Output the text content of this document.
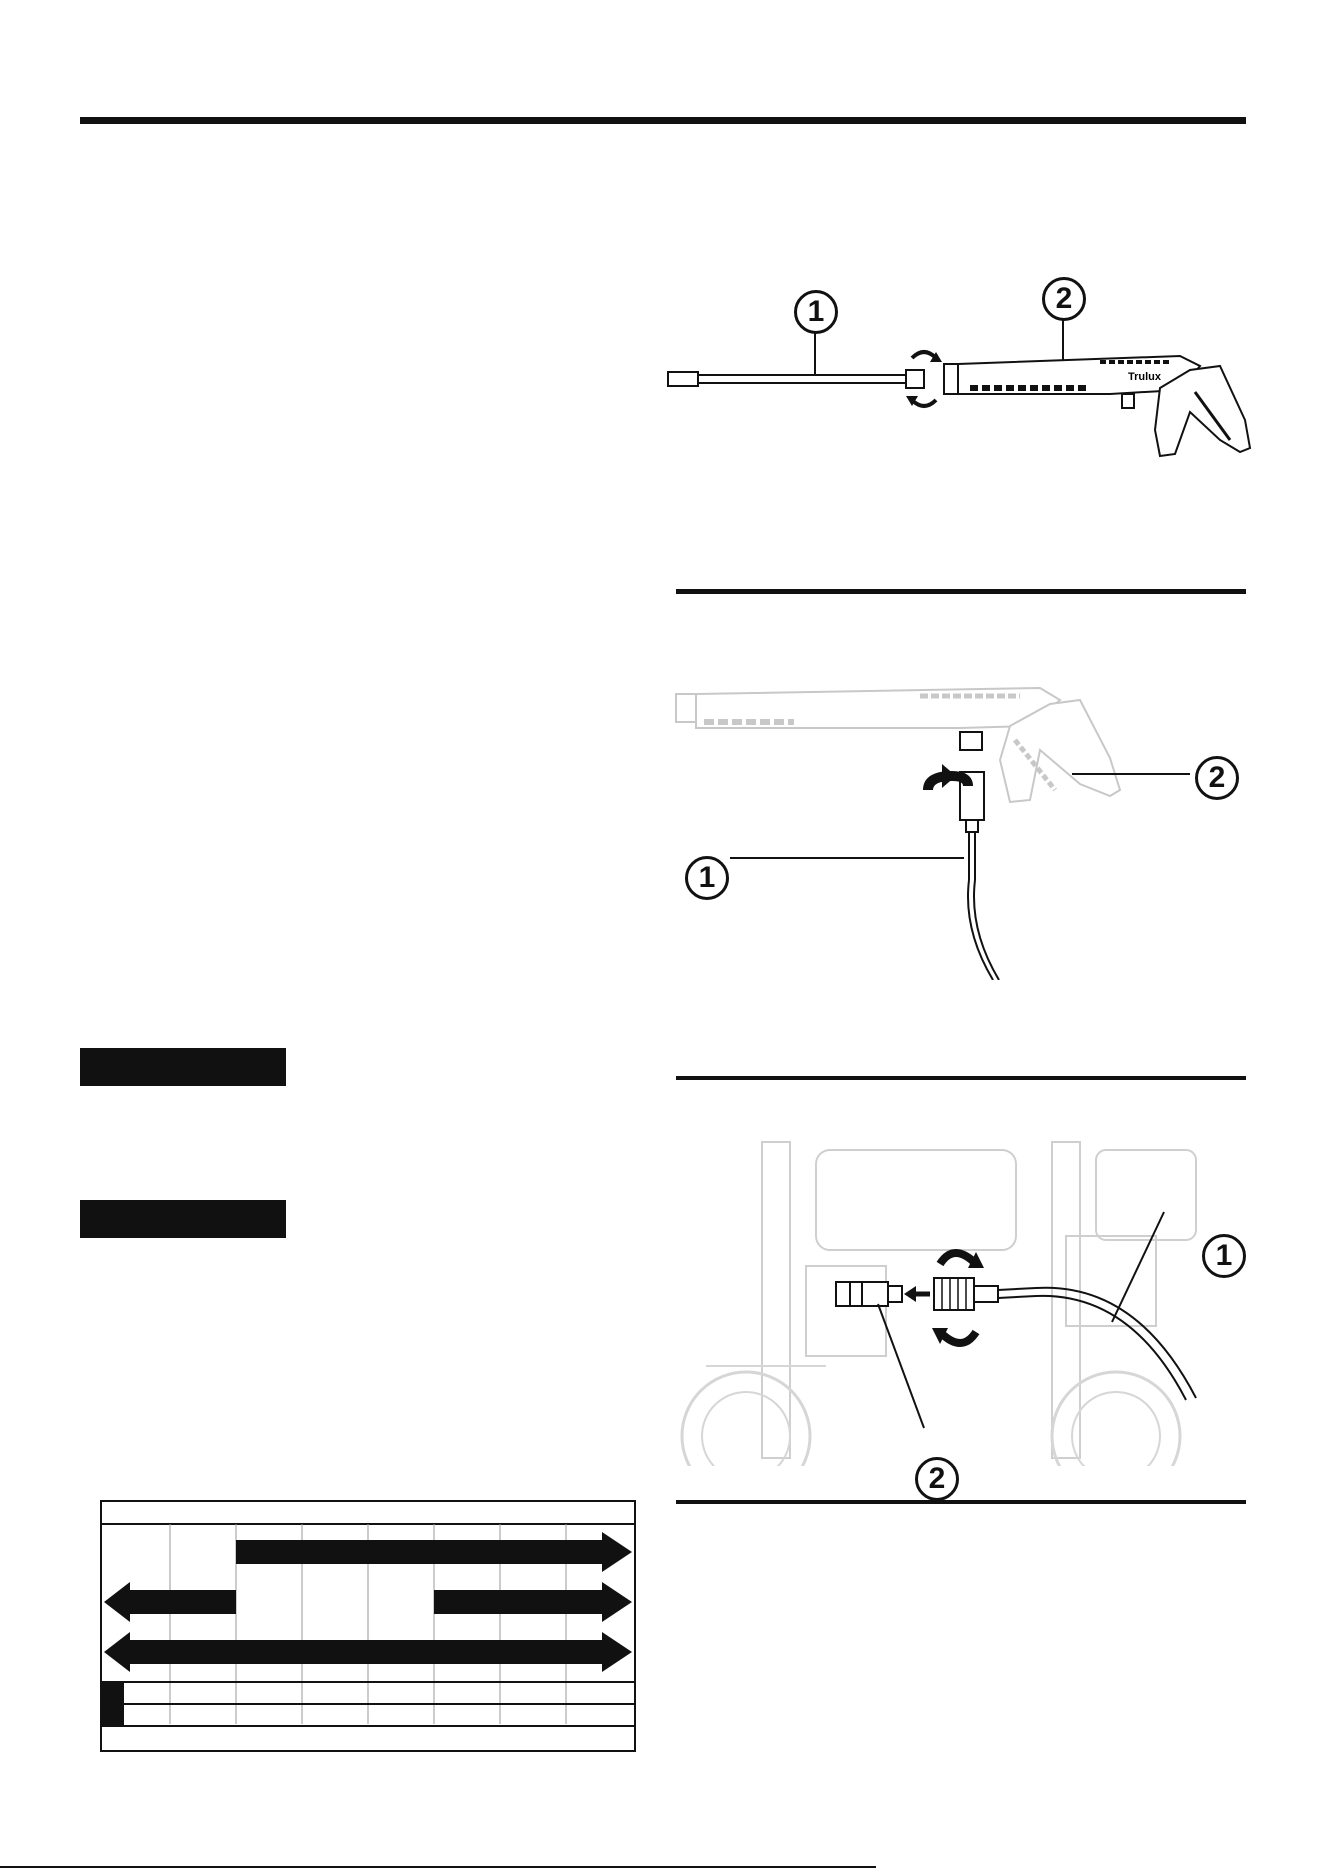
Trulux
1	2
1
2
1
2
